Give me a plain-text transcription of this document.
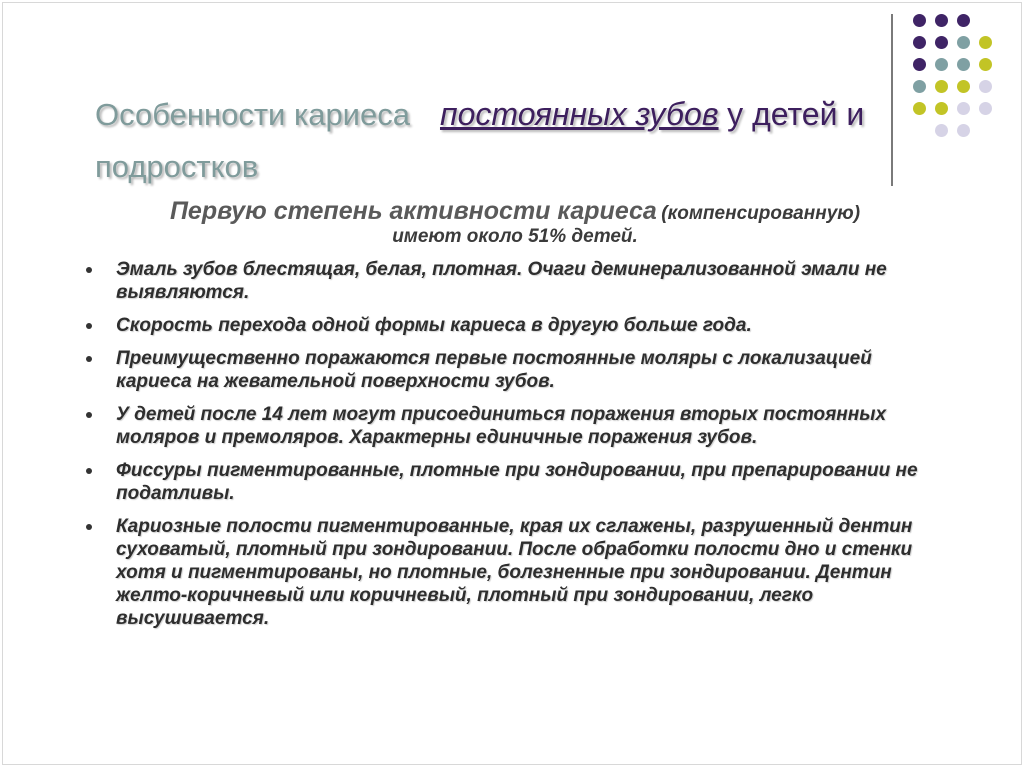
Особенности кариеса постоянных зубов у детей и
подростков
Первую степень активности кариеса (компенсированную)
имеют около 51% детей.
Эмаль зубов блестящая, белая, плотная. Очаги деминерализованной эмали не выявляются.
Скорость перехода одной формы кариеса в другую больше года.
Преимущественно поражаются первые постоянные моляры с локализацией кариеса на жевательной поверхности зубов.
У детей после 14 лет могут присоединиться поражения вторых постоянных моляров и премоляров. Характерны единичные поражения зубов.
Фиссуры пигментированные, плотные при зондировании, при препарировании не податливы.
Кариозные полости пигментированные, края их сглажены, разрушенный дентин суховатый, плотный при зондировании. После обработки полости дно и стенки хотя и пигментированы, но плотные, болезненные при зондировании. Дентин желто-коричневый или коричневый, плотный при зондировании, легко высушивается.
